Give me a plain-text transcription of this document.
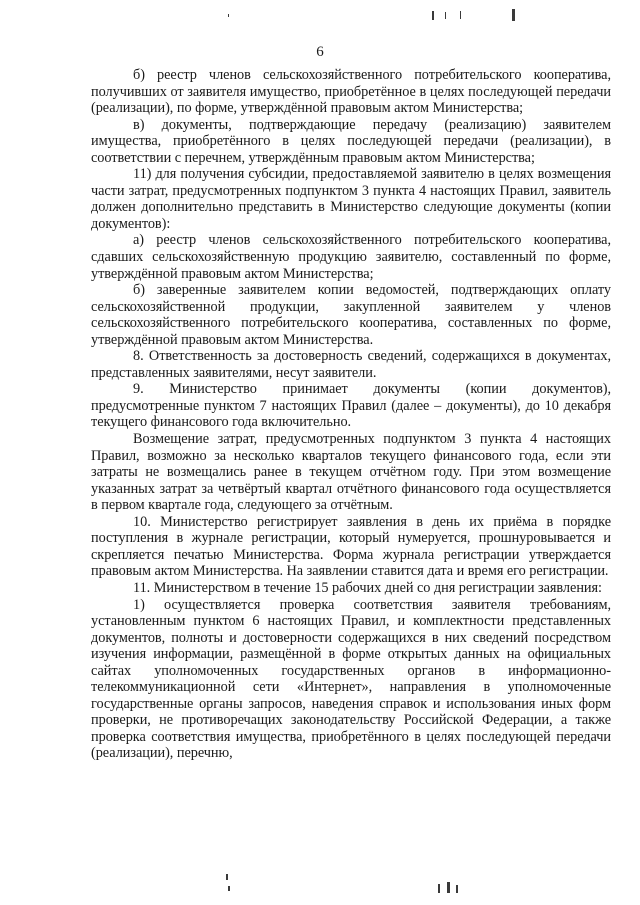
6

б) реестр членов сельскохозяйственного потребительского кооператива, получивших от заявителя имущество, приобретённое в целях последующей передачи (реализации), по форме, утверждённой правовым актом Министерства;

в) документы, подтверждающие передачу (реализацию) заявителем имущества, приобретённого в целях последующей передачи (реализации), в соответствии с перечнем, утверждённым правовым актом Министерства;

11) для получения субсидии, предоставляемой заявителю в целях возмещения части затрат, предусмотренных подпунктом 3 пункта 4 настоящих Правил, заявитель должен дополнительно представить в Министерство следующие документы (копии документов):

а) реестр членов сельскохозяйственного потребительского кооператива, сдавших сельскохозяйственную продукцию заявителю, составленный по форме, утверждённой правовым актом Министерства;

б) заверенные заявителем копии ведомостей, подтверждающих оплату сельскохозяйственной продукции, закупленной заявителем у членов сельскохозяйственного потребительского кооператива, составленных по форме, утверждённой правовым актом Министерства.

8. Ответственность за достоверность сведений, содержащихся в документах, представленных заявителями, несут заявители.

9. Министерство принимает документы (копии документов), предусмотренные пунктом 7 настоящих Правил (далее – документы), до 10 декабря текущего финансового года включительно.

Возмещение затрат, предусмотренных подпунктом 3 пункта 4 настоящих Правил, возможно за несколько кварталов текущего финансового года, если эти затраты не возмещались ранее в текущем отчётном году. При этом возмещение указанных затрат за четвёртый квартал отчётного финансового года осуществляется в первом квартале года, следующего за отчётным.

10. Министерство регистрирует заявления в день их приёма в порядке поступления в журнале регистрации, который нумеруется, прошнуровывается и скрепляется печатью Министерства. Форма журнала регистрации утверждается правовым актом Министерства. На заявлении ставится дата и время его регистрации.

11. Министерством в течение 15 рабочих дней со дня регистрации заявления:

1) осуществляется проверка соответствия заявителя требованиям, установленным пунктом 6 настоящих Правил, и комплектности представленных документов, полноты и достоверности содержащихся в них сведений посредством изучения информации, размещённой в форме открытых данных на официальных сайтах уполномоченных государственных органов в информационно-телекоммуникационной сети «Интернет», направления в уполномоченные государственные органы запросов, наведения справок и использования иных форм проверки, не противоречащих законодательству Российской Федерации, а также проверка соответствия имущества, приобретённого в целях последующей передачи (реализации), перечню,
